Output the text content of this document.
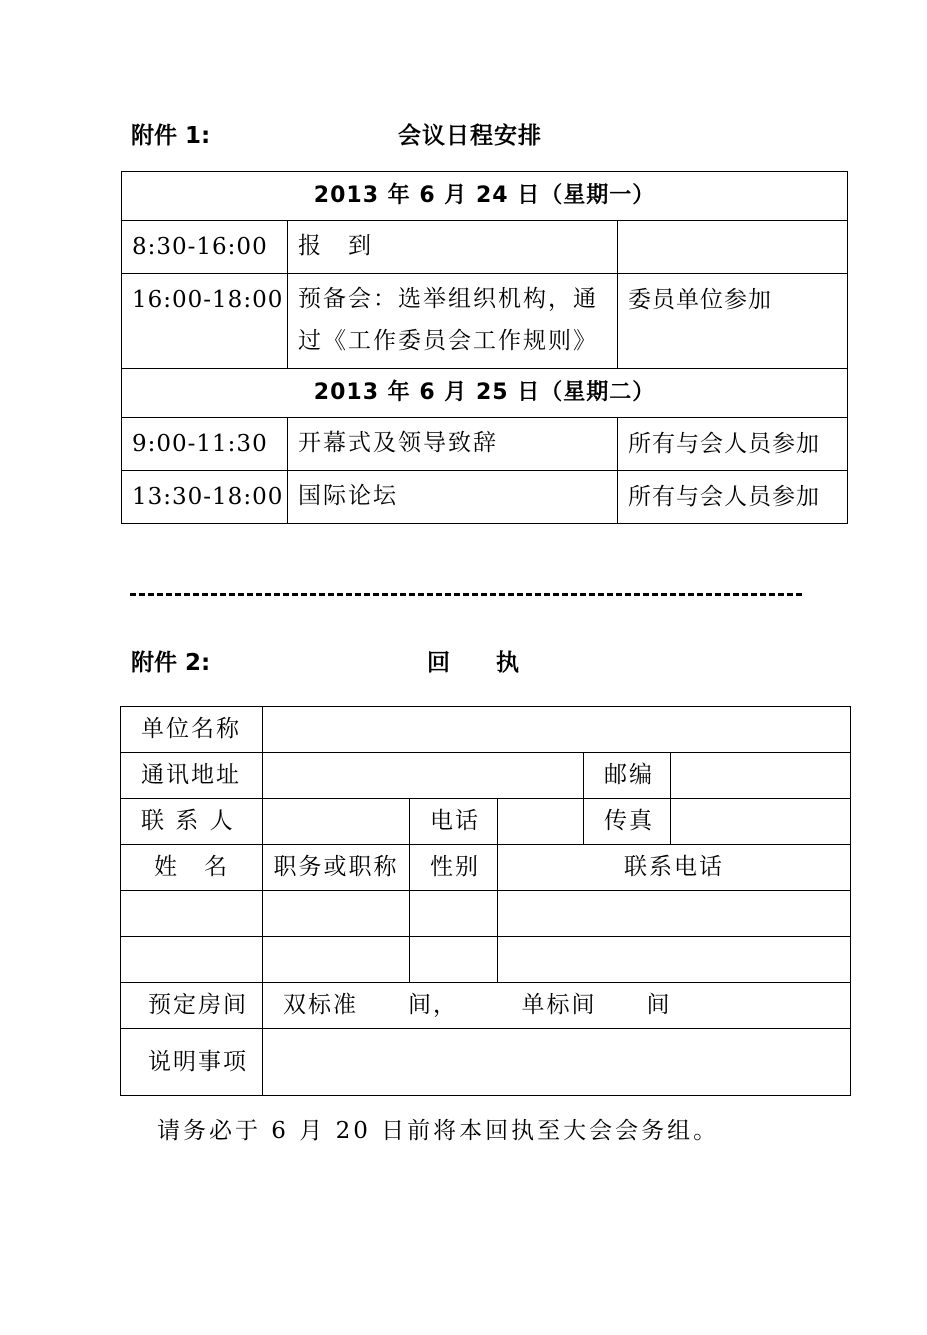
附件 1:	会议日程安排
2013 年 6 月 24 日（星期一）		
8:30-16:00	报　到	
16:00-18:00	预备会：选举组织机构，通过《工作委员会工作规则》	委员单位参加
2013 年 6 月 25 日（星期二）		
9:00-11:30	开幕式及领导致辞	所有与会人员参加
13:30-18:00	国际论坛	所有与会人员参加
附件 2:	回　　执
单位名称					
通讯地址				邮编	
联 系 人		电话		传真	
姓　名	职务或职称	性别	联系电话		

预定房间	双标准　　间，　　　单标间　　间				
说明事项					
请务必于 6 月 20 日前将本回执至大会会务组。
